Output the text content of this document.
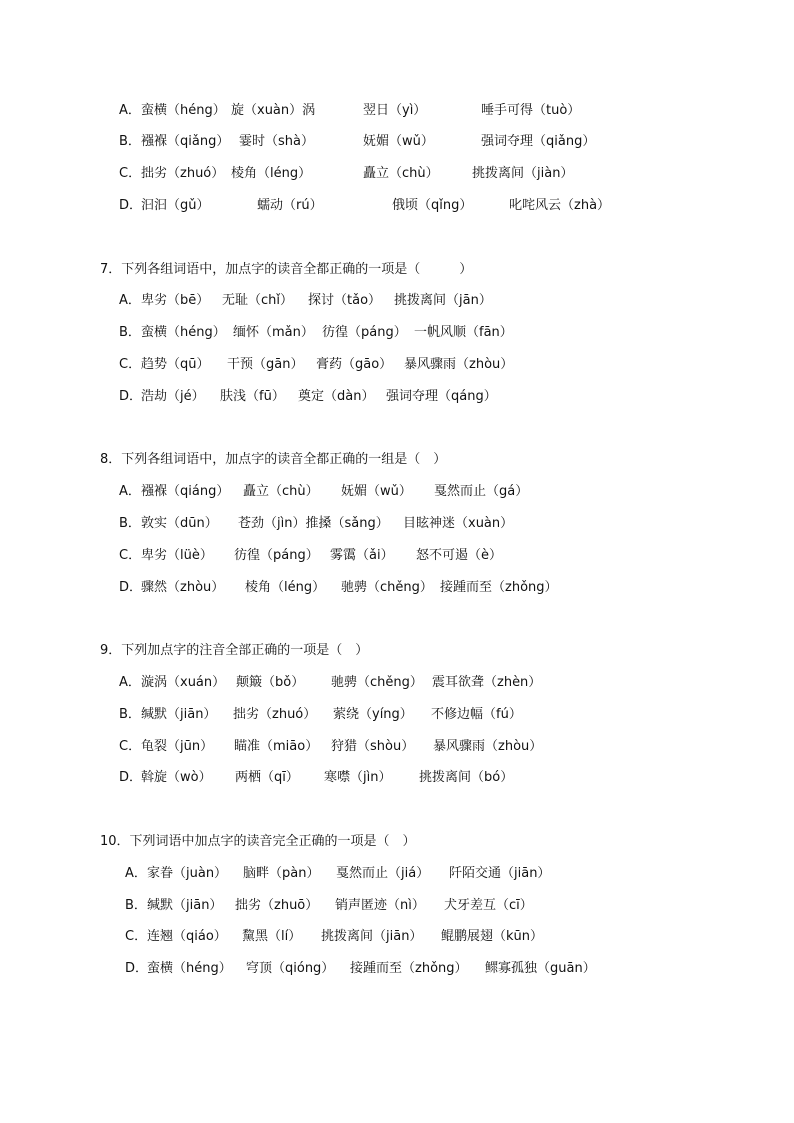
A． 蛮横（héng） 旋（xuàn）涡	翌日（yì）	唾手可得（tuò）
B． 襁褓（qiǎng） 霎时（shà）	妩媚（wǔ）	强词夺理（qiǎng）
C． 拙劣（zhuó） 棱角（léng）	矗立（chù）	挑拨离间（jiàn）
D．
汩汩（gǔ）	蠕动（rú）	俄顷（qǐng）	叱咤风云（zhà）
7．下列各组词语中，加点字的读音全都正确的一项是（　　　）
A． 卑劣（bē） 无耻（chǐ） 探讨（tǎo） 挑拨离间（jān）
B． 蛮横（héng） 缅怀（mǎn） 彷徨（páng） 一帆风顺（fān）
C． 趋势（qū） 干预（gān） 膏药（gāo） 暴风骤雨（zhòu）
D．
浩劫（jé） 肤浅（fū） 奠定（dàn） 强词夺理（qáng）
8．下列各组词语中，加点字的读音全都正确的一组是（　）
A． 襁褓（qiáng） 矗立（chù） 妩媚（wǔ） 戛然而止（gá）
B． 敦实（dūn） 苍劲（jìn）推搡（sǎng） 目眩神迷（xuàn）
C． 卑劣（lüè） 彷徨（páng） 雾霭（ǎi） 怒不可遏（è）
D．
骤然（zhòu） 棱角（léng） 驰骋（chěng） 接踵而至（zhǒng）
9．下列加点字的注音全部正确的一项是（　）
A． 漩涡（xuán） 颠簸（bǒ） 驰骋（chěng） 震耳欲聋（zhèn）
B． 缄默（jiān） 拙劣（zhuó） 萦绕（yíng） 不修边幅（fú）
C． 龟裂（jūn） 瞄准（miāo） 狩猎（shòu） 暴风骤雨（zhòu）
D．
斡旋（wò） 两栖（qī） 寒噤（jìn） 挑拨离间（bó）
10．下列词语中加点字的读音完全正确的一项是（　）
A． 家眷（juàn） 脑畔（pàn） 戛然而止（jiá） 阡陌交通（jiān）
B． 缄默（jiān） 拙劣（zhuō） 销声匿迹（nì） 犬牙差互（cī）
C． 连翘（qiáo） 黧黑（lí） 挑拨离间（jiān） 鲲鹏展翅（kūn）
D．
蛮横（héng） 穹顶（qióng） 接踵而至（zhǒng） 鳏寡孤独（guān）
